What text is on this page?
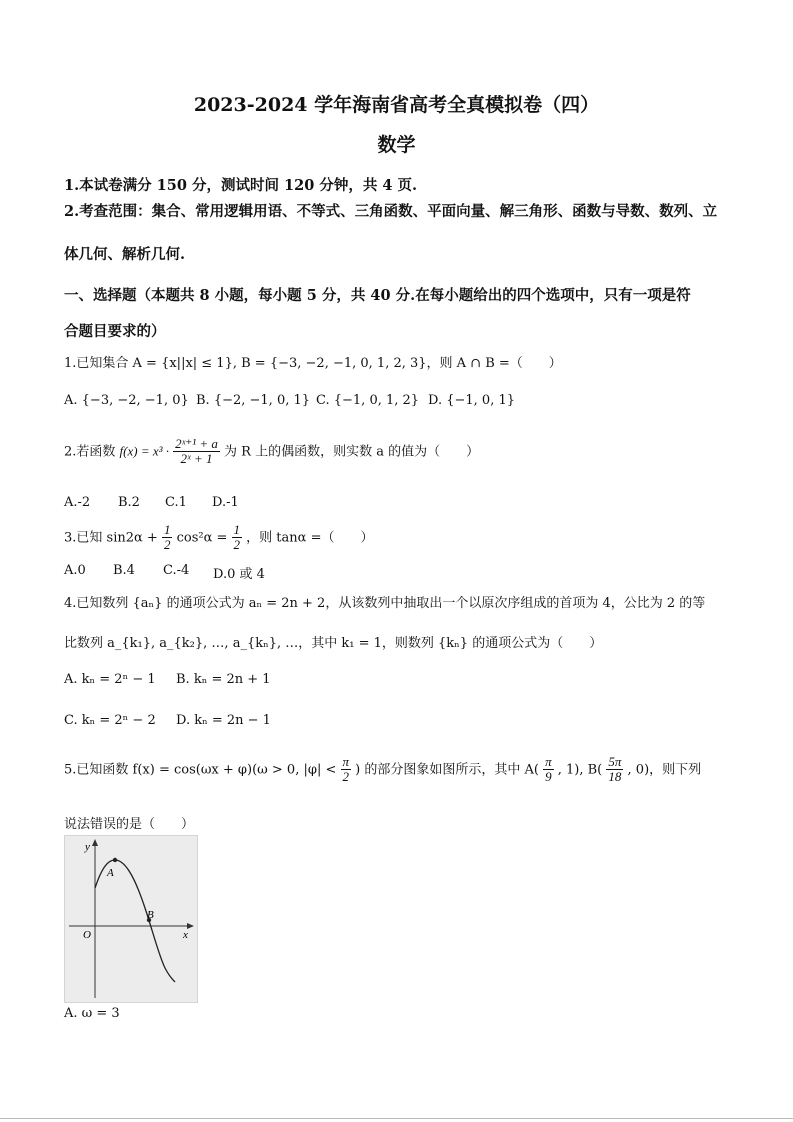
2023-2024 学年海南省高考全真模拟卷（四）
数学
1.本试卷满分 150 分，测试时间 120 分钟，共 4 页.
2.考查范围：集合、常用逻辑用语、不等式、三角函数、平面向量、解三角形、函数与导数、数列、立
体几何、解析几何.
一、选择题（本题共 8 小题，每小题 5 分，共 40 分.在每小题给出的四个选项中，只有一项是符
合题目要求的）
1.已知集合 A = {x||x| ≤ 1}, B = {−3, −2, −1, 0, 1, 2, 3}，则 A ∩ B =（　　）
A. {−3, −2, −1, 0} B. {−2, −1, 0, 1} C. {−1, 0, 1, 2} D. {−1, 0, 1}
2.若函数 $f(x) = x^3 \cdot \frac{\text{2ˣ⁺¹ + a}}{\text{2ˣ + 1}}$ 为 R 上的偶函数，则实数 a 的值为（　　）
A.-2 B.2 C.1 D.-1
3.已知 $\sin 2\alpha + \frac{1}{2} \cos^2\alpha = \frac{1}{2}$ ，则 tanα =（　　）
A.0 B.4 C.-4 D.0 或 4
4.已知数列 {aₙ} 的通项公式为 aₙ = 2n + 2，从该数列中抽取出一个以原次序组成的首项为 4，公比为 2 的等
比数列 a_{k₁}, a_{k₂}, …, a_{kₙ}, …，其中 k₁ = 1，则数列 {kₙ} 的通项公式为（　　）
A. kₙ = 2ⁿ − 1 B. kₙ = 2n + 1
C. kₙ = 2ⁿ − 2 D. kₙ = 2n − 1
5.已知函数 f(x) = cos(ωx + φ)(ω > 0, $|\varphi| < \frac{\pi}{2}$ ) 的部分图象如图所示，其中 $A( \frac{\pi}{9}$ , 1), $B( \frac{5\pi}{18}$ , 0)，则下列
说法错误的是（　　）
y
x
O
A
B
A. ω = 3
